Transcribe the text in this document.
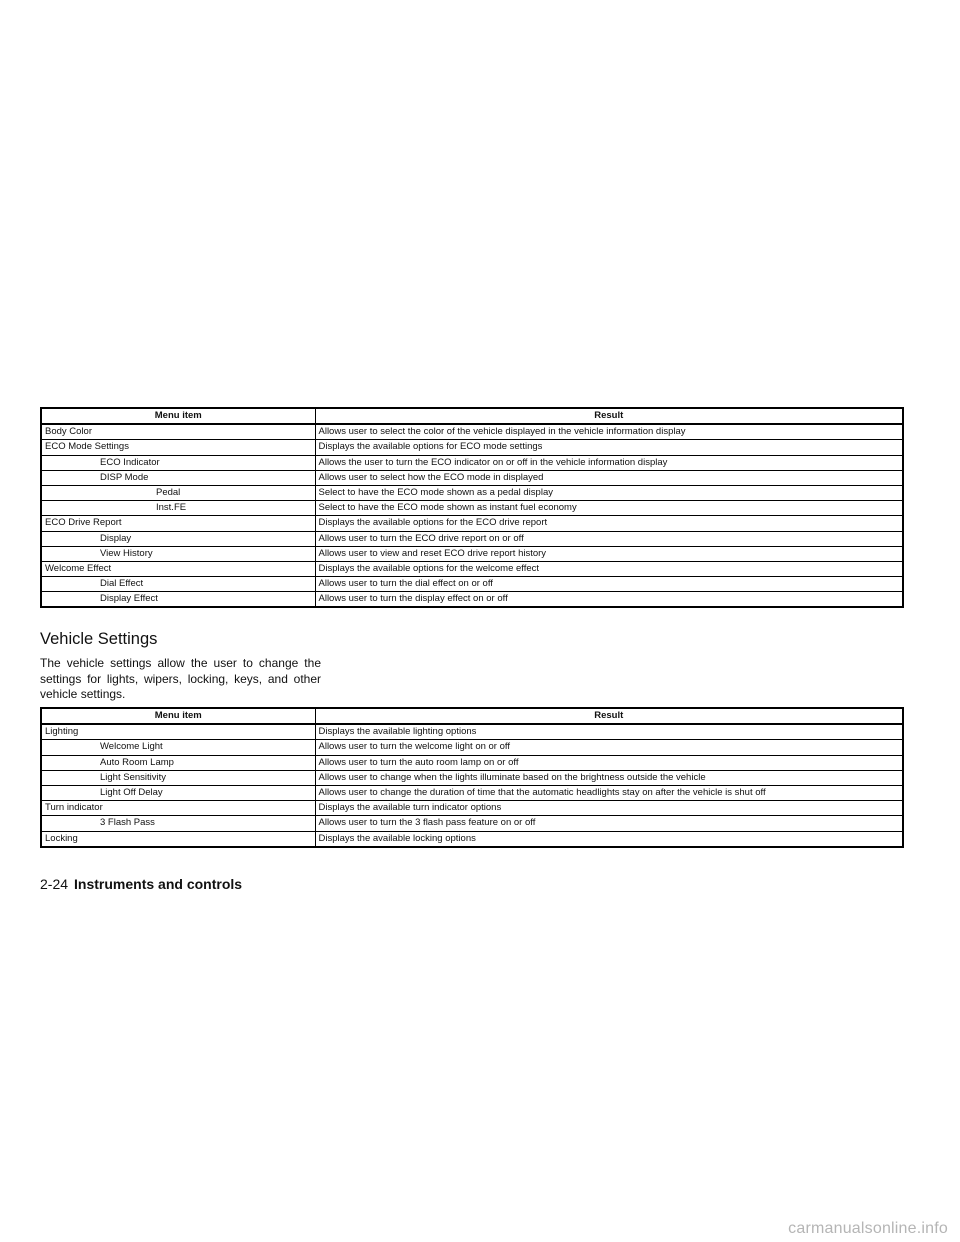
Menu item	Result
Body Color	Allows user to select the color of the vehicle displayed in the vehicle information display
ECO Mode Settings	Displays the available options for ECO mode settings
ECO Indicator	Allows the user to turn the ECO indicator on or off in the vehicle information display
DISP Mode	Allows user to select how the ECO mode in displayed
Pedal	Select to have the ECO mode shown as a pedal display
Inst.FE	Select to have the ECO mode shown as instant fuel economy
ECO Drive Report	Displays the available options for the ECO drive report
Display	Allows user to turn the ECO drive report on or off
View History	Allows user to view and reset ECO drive report history
Welcome Effect	Displays the available options for the welcome effect
Dial Effect	Allows user to turn the dial effect on or off
Display Effect	Allows user to turn the display effect on or off
Vehicle Settings

The vehicle settings allow the user to change the settings for lights, wipers, locking, keys, and other vehicle settings.

Menu item	Result
Lighting	Displays the available lighting options
Welcome Light	Allows user to turn the welcome light on or off
Auto Room Lamp	Allows user to turn the auto room lamp on or off
Light Sensitivity	Allows user to change when the lights illuminate based on the brightness outside the vehicle
Light Off Delay	Allows user to change the duration of time that the automatic headlights stay on after the vehicle is shut off
Turn indicator	Displays the available turn indicator options
3 Flash Pass	Allows user to turn the 3 flash pass feature on or off
Locking	Displays the available locking options
2-24 Instruments and controls
carmanualsonline.info
